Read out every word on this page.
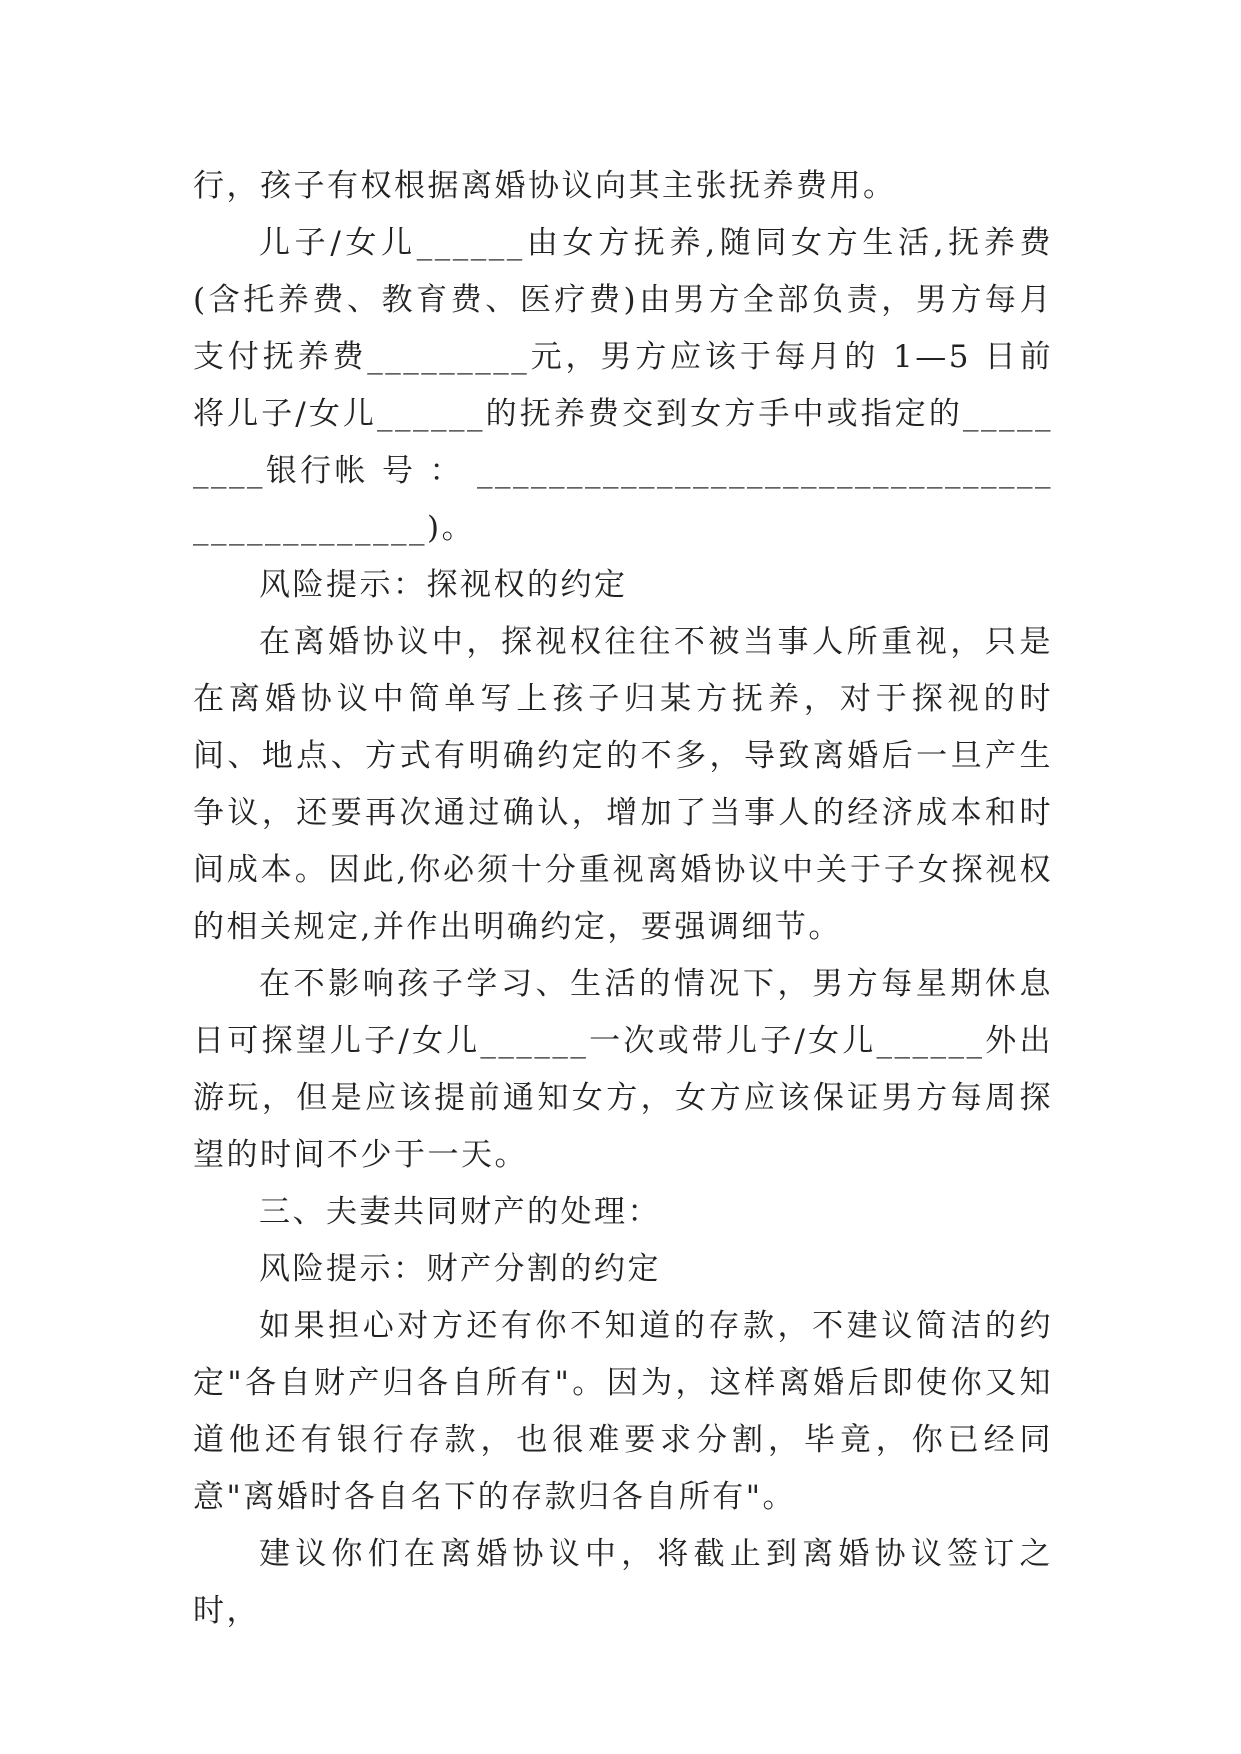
行，孩子有权根据离婚协议向其主张抚养费用。

儿子/女儿______由女方抚养,随同女方生活,抚养费(含托养费、教育费、医疗费)由男方全部负责，男方每月支付抚养费_________元，男方应该于每月的 1—5 日前将儿子/女儿______的抚养费交到女方手中或指定的_________银行帐 号 ： _____________________________________________)。

风险提示：探视权的约定

在离婚协议中，探视权往往不被当事人所重视，只是在离婚协议中简单写上孩子归某方抚养，对于探视的时间、地点、方式有明确约定的不多，导致离婚后一旦产生争议，还要再次通过确认，增加了当事人的经济成本和时间成本。因此,你必须十分重视离婚协议中关于子女探视权的相关规定,并作出明确约定，要强调细节。

在不影响孩子学习、生活的情况下，男方每星期休息日可探望儿子/女儿______一次或带儿子/女儿______外出游玩，但是应该提前通知女方，女方应该保证男方每周探望的时间不少于一天。

三、夫妻共同财产的处理：

风险提示：财产分割的约定

如果担心对方还有你不知道的存款，不建议简洁的约定"各自财产归各自所有"。因为，这样离婚后即使你又知道他还有银行存款，也很难要求分割，毕竟，你已经同意"离婚时各自名下的存款归各自所有"。

建议你们在离婚协议中，将截止到离婚协议签订之时，
